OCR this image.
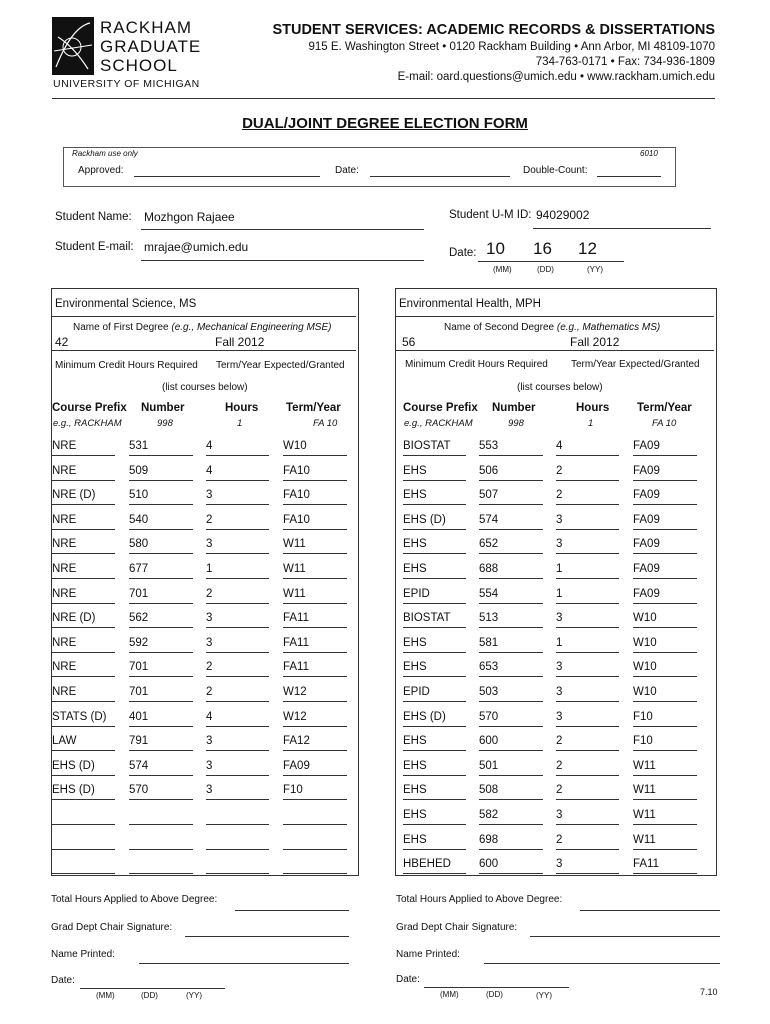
RACKHAM
GRADUATE
SCHOOL
UNIVERSITY OF MICHIGAN
STUDENT SERVICES: ACADEMIC RECORDS & DISSERTATIONS
915 E. Washington Street • 0120 Rackham Building • Ann Arbor, MI 48109-1070
734-763-0171 • Fax: 734-936-1809
E-mail: oard.questions@umich.edu • www.rackham.umich.edu
DUAL/JOINT DEGREE ELECTION FORM
Rackham use only	6010
Approved:	Date:	Double-Count:
Student Name: Mozhgon Rajaee	Student U-M ID: 94029002
Student E-mail: mrajae@umich.edu	Date: 10 16 12
(MM)	(DD)	(YY)
Environmental Science, MS
Name of First Degree (e.g., Mechanical Engineering MSE)
42	Fall 2012
Minimum Credit Hours Required Term/Year Expected/Granted
(list courses below)
Course Prefix Number	Hours Term/Year
e.g., RACKHAM	998	1	FA 10
NRE	531	4	W10
NRE	509	4	FA10
NRE (D)	510	3	FA10
NRE	540	2	FA10
NRE	580	3	W11
NRE	677	1	W11
NRE	701	2	W11
NRE (D)	562	3	FA11
NRE	592	3	FA11
NRE	701	2	FA11
NRE	701	2	W12
STATS (D)	401	4	W12
LAW	791	3	FA12
EHS (D)	574	3	FA09
EHS (D)	570	3	F10
Environmental Health, MPH
Name of Second Degree (e.g., Mathematics MS)
56	Fall 2012
Minimum Credit Hours Required Term/Year Expected/Granted
(list courses below)
Course Prefix Number	Hours Term/Year
e.g., RACKHAM	998	1	FA 10
BIOSTAT	553	4	FA09
EHS	506	2	FA09
EHS	507	2	FA09
EHS (D)	574	3	FA09
EHS	652	3	FA09
EHS	688	1	FA09
EPID	554	1	FA09
BIOSTAT	513	3	W10
EHS	581	1	W10
EHS	653	3	W10
EPID	503	3	W10
EHS (D)	570	3	F10
EHS	600	2	F10
EHS	501	2	W11
EHS	508	2	W11
EHS	582	3	W11
EHS	698	2	W11
HBEHED	600	3	FA11
Total Hours Applied to Above Degree:
Grad Dept Chair Signature:
Name Printed:
Date:
(MM)	(DD)	(YY)
Total Hours Applied to Above Degree:
Grad Dept Chair Signature:
Name Printed:
Date:
(MM)	(DD)	(YY)	7.10
